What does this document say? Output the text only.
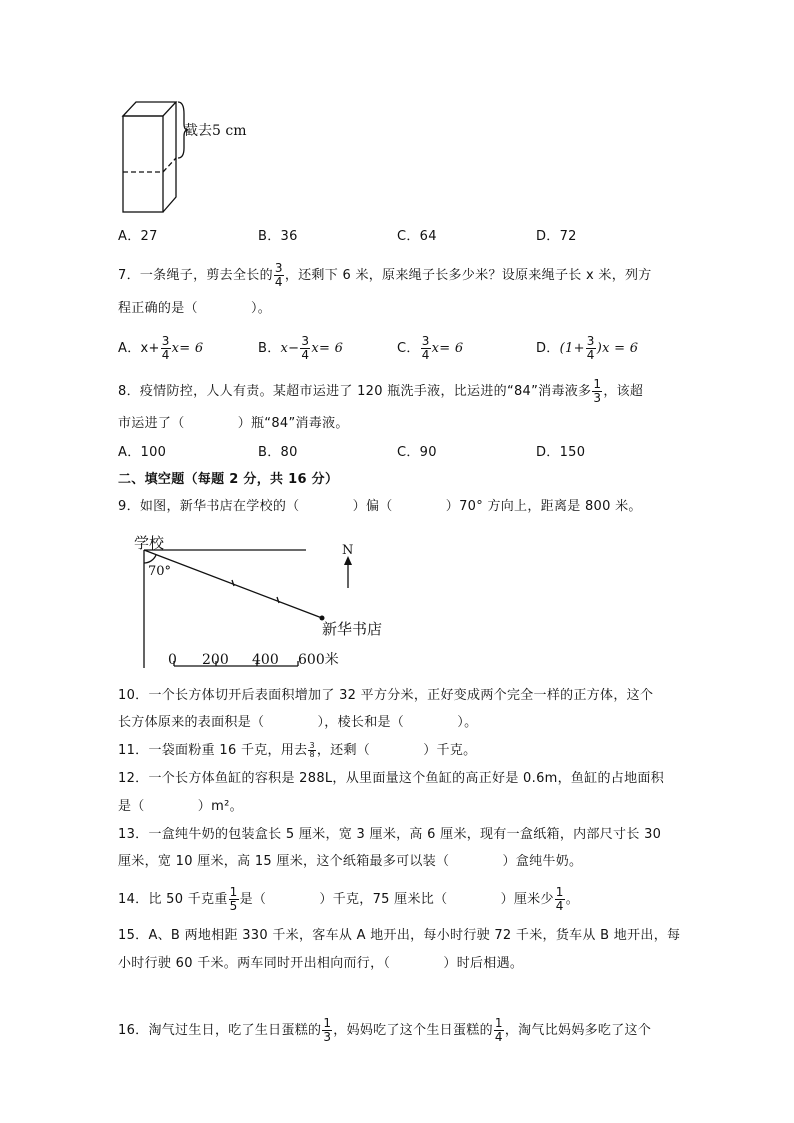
截去5 cm
A．27	B．36	C．64	D．72
7．一条绳子，剪去全长的 $\frac{3}{4}$ ，还剩下 6 米，原来绳子长多少米？设原来绳子长 x 米，列方
程正确的是（　　　　）。
A．$x+ \frac{3}{4} x= 6$	B．$x- \frac{3}{4} x= 6$	C． $\frac{3}{4} x= 6$	D．$(1+ \frac{3}{4} )x = 6$
8．疫情防控，人人有责。某超市运进了 120 瓶洗手液，比运进的“84”消毒液多 $\frac{1}{3}$ ，该超
市运进了（　　　　）瓶“84”消毒液。
A．100	B．80	C．90	D．150
二、填空题（每题 2 分，共 16 分）
9．如图，新华书店在学校的（　　　　）偏（　　　　）70° 方向上，距离是 800 米。
学校
70°
N
新华书店
0 200 400 600米
10．一个长方体切开后表面积增加了 32 平方分米，正好变成两个完全一样的正方体，这个
长方体原来的表面积是（　　　　），棱长和是（　　　　）。
11．一袋面粉重 16 千克，用去 $\frac{3}{8}$ ，还剩（　　　　）千克。
12．一个长方体鱼缸的容积是 288L，从里面量这个鱼缸的高正好是 0.6m，鱼缸的占地面积
是（　　　　）m²。
13．一盒纯牛奶的包装盒长 5 厘米，宽 3 厘米，高 6 厘米，现有一盒纸箱，内部尺寸长 30
厘米，宽 10 厘米，高 15 厘米，这个纸箱最多可以装（　　　　）盒纯牛奶。
14．比 50 千克重 $\frac{1}{5}$ 是（　　　　）千克，75 厘米比（　　　　）厘米少 $\frac{1}{4}$ 。
15．A、B 两地相距 330 千米，客车从 A 地开出，每小时行驶 72 千米，货车从 B 地开出，每
小时行驶 60 千米。两车同时开出相向而行，（　　　　）时后相遇。
16．淘气过生日，吃了生日蛋糕的 $\frac{1}{3}$ ，妈妈吃了这个生日蛋糕的 $\frac{1}{4}$ ，淘气比妈妈多吃了这个
